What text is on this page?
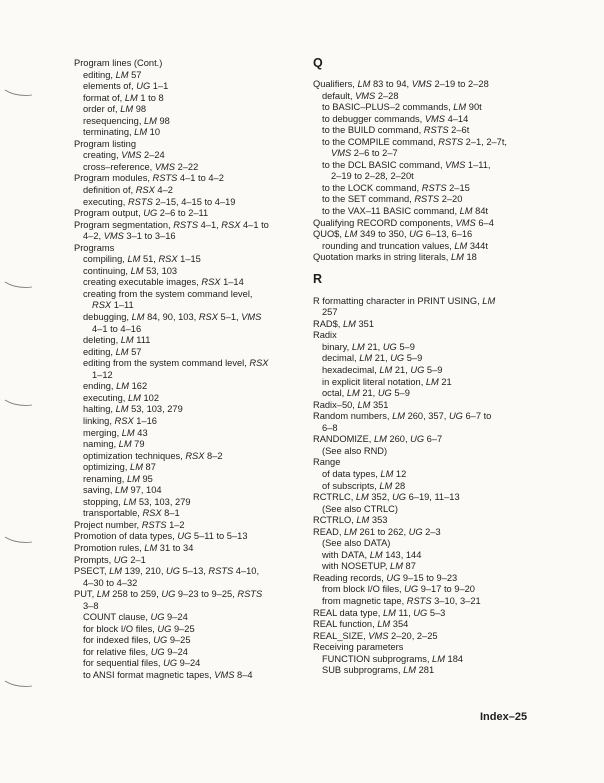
Program lines (Cont.)
editing, LM 57
elements of, UG 1–1
format of, LM 1 to 8
order of, LM 98
resequencing, LM 98
terminating, LM 10
Program listing
creating, VMS 2–24
cross–reference, VMS 2–22
Program modules, RSTS 4–1 to 4–2
definition of, RSX 4–2
executing, RSTS 2–15, 4–15 to 4–19
Program output, UG 2–6 to 2–11
Program segmentation, RSTS 4–1, RSX 4–1 to
4–2, VMS 3–1 to 3–16
Programs
compiling, LM 51, RSX 1–15
continuing, LM 53, 103
creating executable images, RSX 1–14
creating from the system command level,
RSX 1–11
debugging, LM 84, 90, 103, RSX 5–1, VMS
4–1 to 4–16
deleting, LM 111
editing, LM 57
editing from the system command level, RSX
1–12
ending, LM 162
executing, LM 102
halting, LM 53, 103, 279
linking, RSX 1–16
merging, LM 43
naming, LM 79
optimization techniques, RSX 8–2
optimizing, LM 87
renaming, LM 95
saving, LM 97, 104
stopping, LM 53, 103, 279
transportable, RSX 8–1
Project number, RSTS 1–2
Promotion of data types, UG 5–11 to 5–13
Promotion rules, LM 31 to 34
Prompts, UG 2–1
PSECT, LM 139, 210, UG 5–13, RSTS 4–10,
4–30 to 4–32
PUT, LM 258 to 259, UG 9–23 to 9–25, RSTS
3–8
COUNT clause, UG 9–24
for block I/O files, UG 9–25
for indexed files, UG 9–25
for relative files, UG 9–24
for sequential files, UG 9–24
to ANSI format magnetic tapes, VMS 8–4
Q
Qualifiers, LM 83 to 94, VMS 2–19 to 2–28
default, VMS 2–28
to BASIC–PLUS–2 commands, LM 90t
to debugger commands, VMS 4–14
to the BUILD command, RSTS 2–6t
to the COMPILE command, RSTS 2–1, 2–7t,
VMS 2–6 to 2–7
to the DCL BASIC command, VMS 1–11,
2–19 to 2–28, 2–20t
to the LOCK command, RSTS 2–15
to the SET command, RSTS 2–20
to the VAX–11 BASIC command, LM 84t
Qualifying RECORD components, VMS 6–4
QUO$, LM 349 to 350, UG 6–13, 6–16
rounding and truncation values, LM 344t
Quotation marks in string literals, LM 18
R
R formatting character in PRINT USING, LM
257
RAD$, LM 351
Radix
binary, LM 21, UG 5–9
decimal, LM 21, UG 5–9
hexadecimal, LM 21, UG 5–9
in explicit literal notation, LM 21
octal, LM 21, UG 5–9
Radix–50, LM 351
Random numbers, LM 260, 357, UG 6–7 to
6–8
RANDOMIZE, LM 260, UG 6–7
(See also RND)
Range
of data types, LM 12
of subscripts, LM 28
RCTRLC, LM 352, UG 6–19, 11–13
(See also CTRLC)
RCTRLO, LM 353
READ, LM 261 to 262, UG 2–3
(See also DATA)
with DATA, LM 143, 144
with NOSETUP, LM 87
Reading records, UG 9–15 to 9–23
from block I/O files, UG 9–17 to 9–20
from magnetic tape, RSTS 3–10, 3–21
REAL data type, LM 11, UG 5–3
REAL function, LM 354
REAL_SIZE, VMS 2–20, 2–25
Receiving parameters
FUNCTION subprograms, LM 184
SUB subprograms, LM 281
Index–25
